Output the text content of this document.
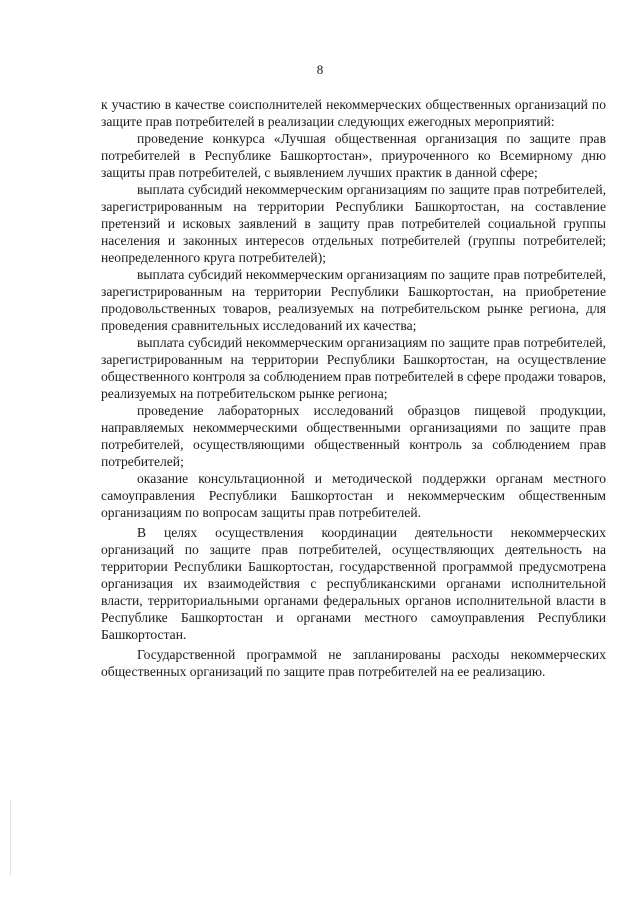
8

к участию в качестве соисполнителей некоммерческих общественных организаций по защите прав потребителей в реализации следующих ежегодных мероприятий:

проведение конкурса «Лучшая общественная организация по защите прав потребителей в Республике Башкортостан», приуроченного ко Всемирному дню защиты прав потребителей, с выявлением лучших практик в данной сфере;

выплата субсидий некоммерческим организациям по защите прав потребителей, зарегистрированным на территории Республики Башкортостан, на составление претензий и исковых заявлений в защиту прав потребителей социальной группы населения и законных интересов отдельных потребителей (группы потребителей; неопределенного круга потребителей);

выплата субсидий некоммерческим организациям по защите прав потребителей, зарегистрированным на территории Республики Башкортостан, на приобретение продовольственных товаров, реализуемых на потребительском рынке региона, для проведения сравнительных исследований их качества;

выплата субсидий некоммерческим организациям по защите прав потребителей, зарегистрированным на территории Республики Башкортостан, на осуществление общественного контроля за соблюдением прав потребителей в сфере продажи товаров, реализуемых на потребительском рынке региона;

проведение лабораторных исследований образцов пищевой продукции, направляемых некоммерческими общественными организациями по защите прав потребителей, осуществляющими общественный контроль за соблюдением прав потребителей;

оказание консультационной и методической поддержки органам местного самоуправления Республики Башкортостан и некоммерческим общественным организациям по вопросам защиты прав потребителей.

В целях осуществления координации деятельности некоммерческих организаций по защите прав потребителей, осуществляющих деятельность на территории Республики Башкортостан, государственной программой предусмотрена организация их взаимодействия с республиканскими органами исполнительной власти, территориальными органами федеральных органов исполнительной власти в Республике Башкортостан и органами местного самоуправления Республики Башкортостан.

Государственной программой не запланированы расходы некоммерческих общественных организаций по защите прав потребителей на ее реализацию.
